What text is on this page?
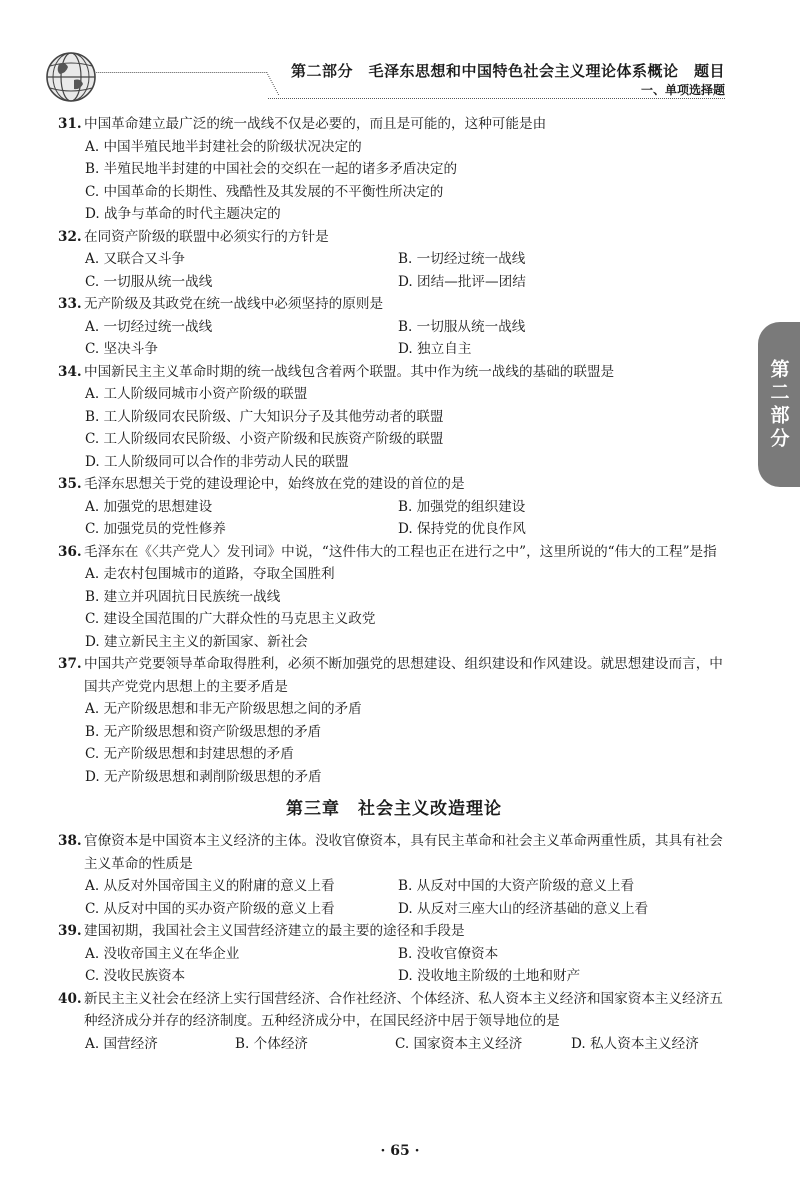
第二部分　毛泽东思想和中国特色社会主义理论体系概论　题目
一、单项选择题
第二部分
31. 中国革命建立最广泛的统一战线不仅是必要的，而且是可能的，这种可能是由
A. 中国半殖民地半封建社会的阶级状况决定的
B. 半殖民地半封建的中国社会的交织在一起的诸多矛盾决定的
C. 中国革命的长期性、残酷性及其发展的不平衡性所决定的
D. 战争与革命的时代主题决定的
32. 在同资产阶级的联盟中必须实行的方针是
A. 又联合又斗争	B. 一切经过统一战线
C. 一切服从统一战线	D. 团结—批评—团结
33. 无产阶级及其政党在统一战线中必须坚持的原则是
A. 一切经过统一战线	B. 一切服从统一战线
C. 坚决斗争	D. 独立自主
34. 中国新民主主义革命时期的统一战线包含着两个联盟。其中作为统一战线的基础的联盟是
A. 工人阶级同城市小资产阶级的联盟
B. 工人阶级同农民阶级、广大知识分子及其他劳动者的联盟
C. 工人阶级同农民阶级、小资产阶级和民族资产阶级的联盟
D. 工人阶级同可以合作的非劳动人民的联盟
35. 毛泽东思想关于党的建设理论中，始终放在党的建设的首位的是
A. 加强党的思想建设	B. 加强党的组织建设
C. 加强党员的党性修养	D. 保持党的优良作风
36. 毛泽东在《〈共产党人〉发刊词》中说，“这件伟大的工程也正在进行之中”，这里所说的“伟大的工程”是指
A. 走农村包围城市的道路，夺取全国胜利
B. 建立并巩固抗日民族统一战线
C. 建设全国范围的广大群众性的马克思主义政党
D. 建立新民主主义的新国家、新社会
37. 中国共产党要领导革命取得胜利，必须不断加强党的思想建设、组织建设和作风建设。就思想建设而言，中国共产党党内思想上的主要矛盾是
A. 无产阶级思想和非无产阶级思想之间的矛盾
B. 无产阶级思想和资产阶级思想的矛盾
C. 无产阶级思想和封建思想的矛盾
D. 无产阶级思想和剥削阶级思想的矛盾
第三章　社会主义改造理论
38. 官僚资本是中国资本主义经济的主体。没收官僚资本，具有民主革命和社会主义革命两重性质，其具有社会主义革命的性质是
A. 从反对外国帝国主义的附庸的意义上看	B. 从反对中国的大资产阶级的意义上看
C. 从反对中国的买办资产阶级的意义上看	D. 从反对三座大山的经济基础的意义上看
39. 建国初期，我国社会主义国营经济建立的最主要的途径和手段是
A. 没收帝国主义在华企业	B. 没收官僚资本
C. 没收民族资本	D. 没收地主阶级的土地和财产
40. 新民主主义社会在经济上实行国营经济、合作社经济、个体经济、私人资本主义经济和国家资本主义经济五种经济成分并存的经济制度。五种经济成分中，在国民经济中居于领导地位的是
A. 国营经济	B. 个体经济	C. 国家资本主义经济	D. 私人资本主义经济
· 65 ·
